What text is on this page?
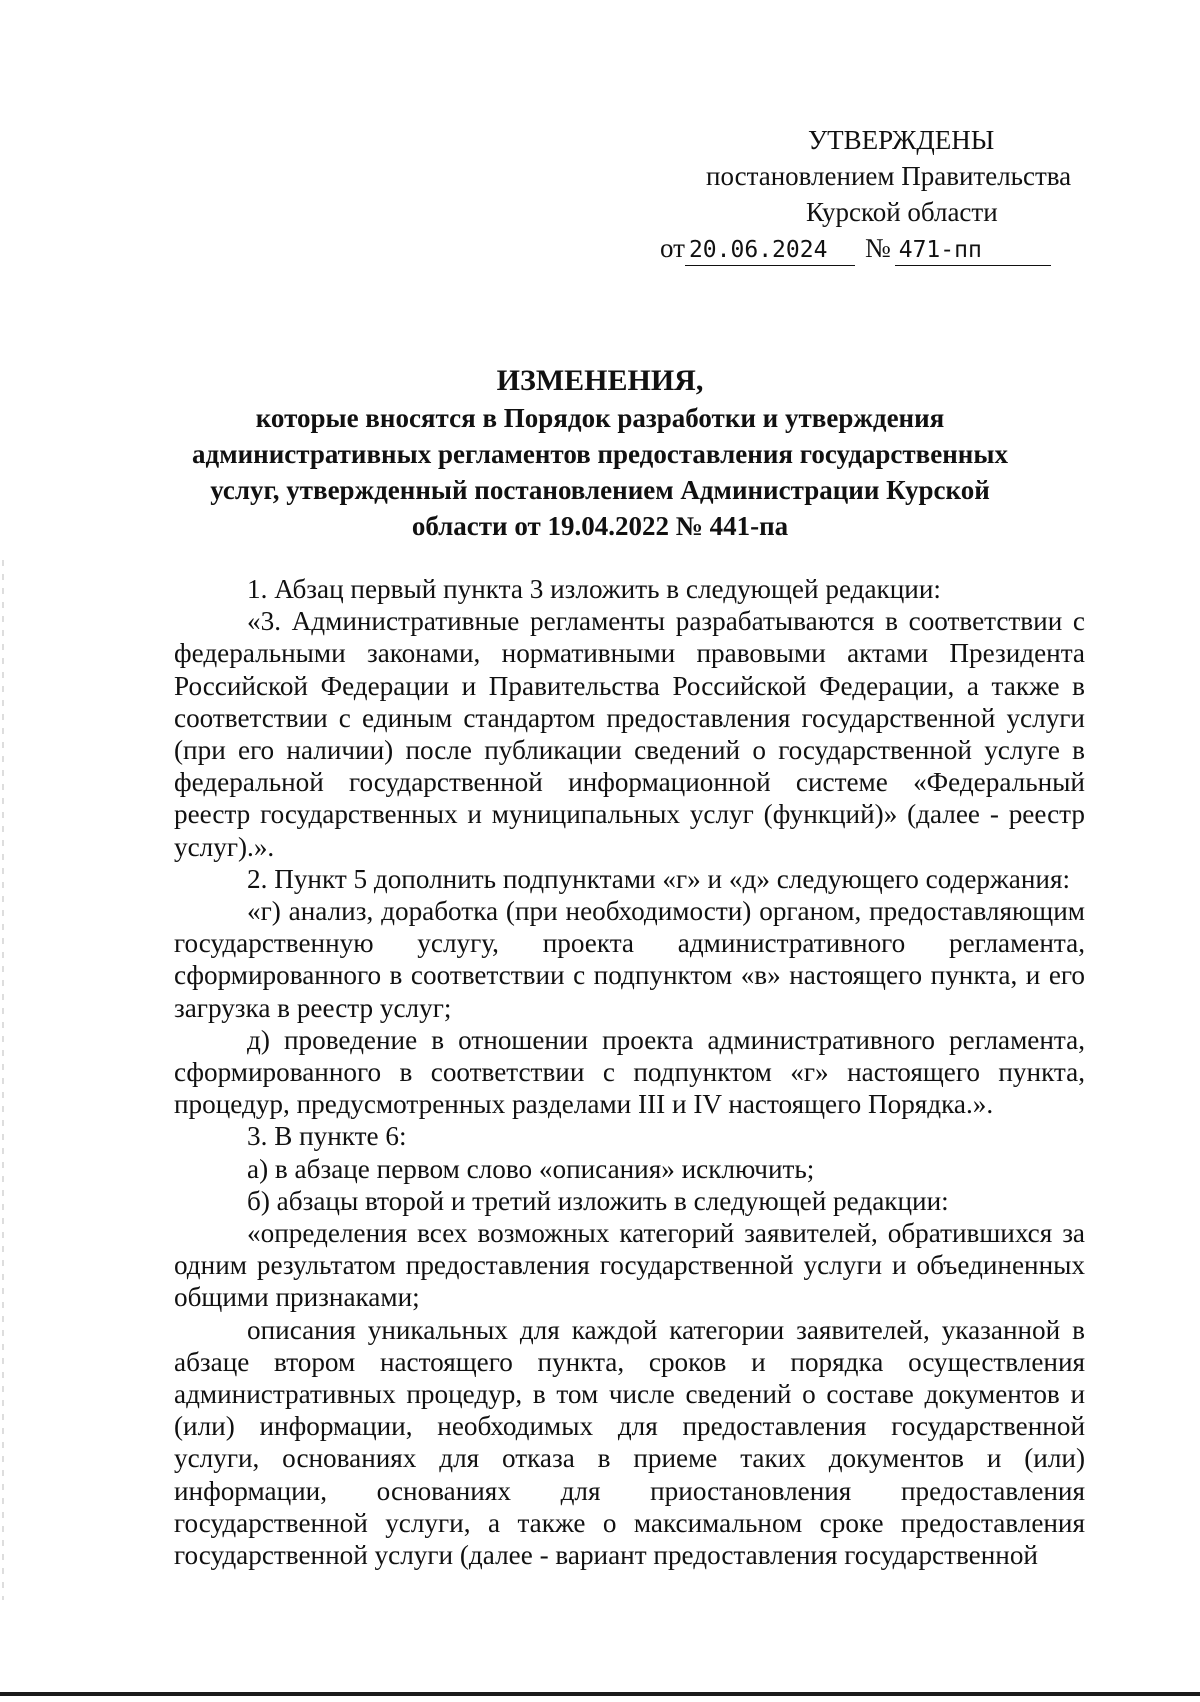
УТВЕРЖДЕНЫ
постановлением Правительства
Курской области
от 20.06.2024	№ 471-пп
ИЗМЕНЕНИЯ,
которые вносятся в Порядок разработки и утверждения
административных регламентов предоставления государственных
услуг, утвержденный постановлением Администрации Курской
области от 19.04.2022 № 441-па

1. Абзац первый пункта 3 изложить в следующей редакции:

«3. Административные регламенты разрабатываются в соответствии с федеральными законами, нормативными правовыми актами Президента Российской Федерации и Правительства Российской Федерации, а также в соответствии с единым стандартом предоставления государственной услуги (при его наличии) после публикации сведений о государственной услуге в федеральной государственной информационной системе «Федеральный реестр государственных и муниципальных услуг (функций)» (далее - реестр услуг).».

2. Пункт 5 дополнить подпунктами «г» и «д» следующего содержания:

«г) анализ, доработка (при необходимости) органом, предоставляющим государственную услугу, проекта административного регламента, сформированного в соответствии с подпунктом «в» настоящего пункта, и его загрузка в реестр услуг;

д) проведение в отношении проекта административного регламента, сформированного в соответствии с подпунктом «г» настоящего пункта, процедур, предусмотренных разделами III и IV настоящего Порядка.».

3. В пункте 6:

а) в абзаце первом слово «описания» исключить;

б) абзацы второй и третий изложить в следующей редакции:

«определения всех возможных категорий заявителей, обратившихся за одним результатом предоставления государственной услуги и объединенных общими признаками;

описания уникальных для каждой категории заявителей, указанной в абзаце втором настоящего пункта, сроков и порядка осуществления административных процедур, в том числе сведений о составе документов и (или) информации, необходимых для предоставления государственной услуги, основаниях для отказа в приеме таких документов и (или) информации, основаниях для приостановления предоставления государственной услуги, а также о максимальном сроке предоставления государственной услуги (далее - вариант предоставления государственной
